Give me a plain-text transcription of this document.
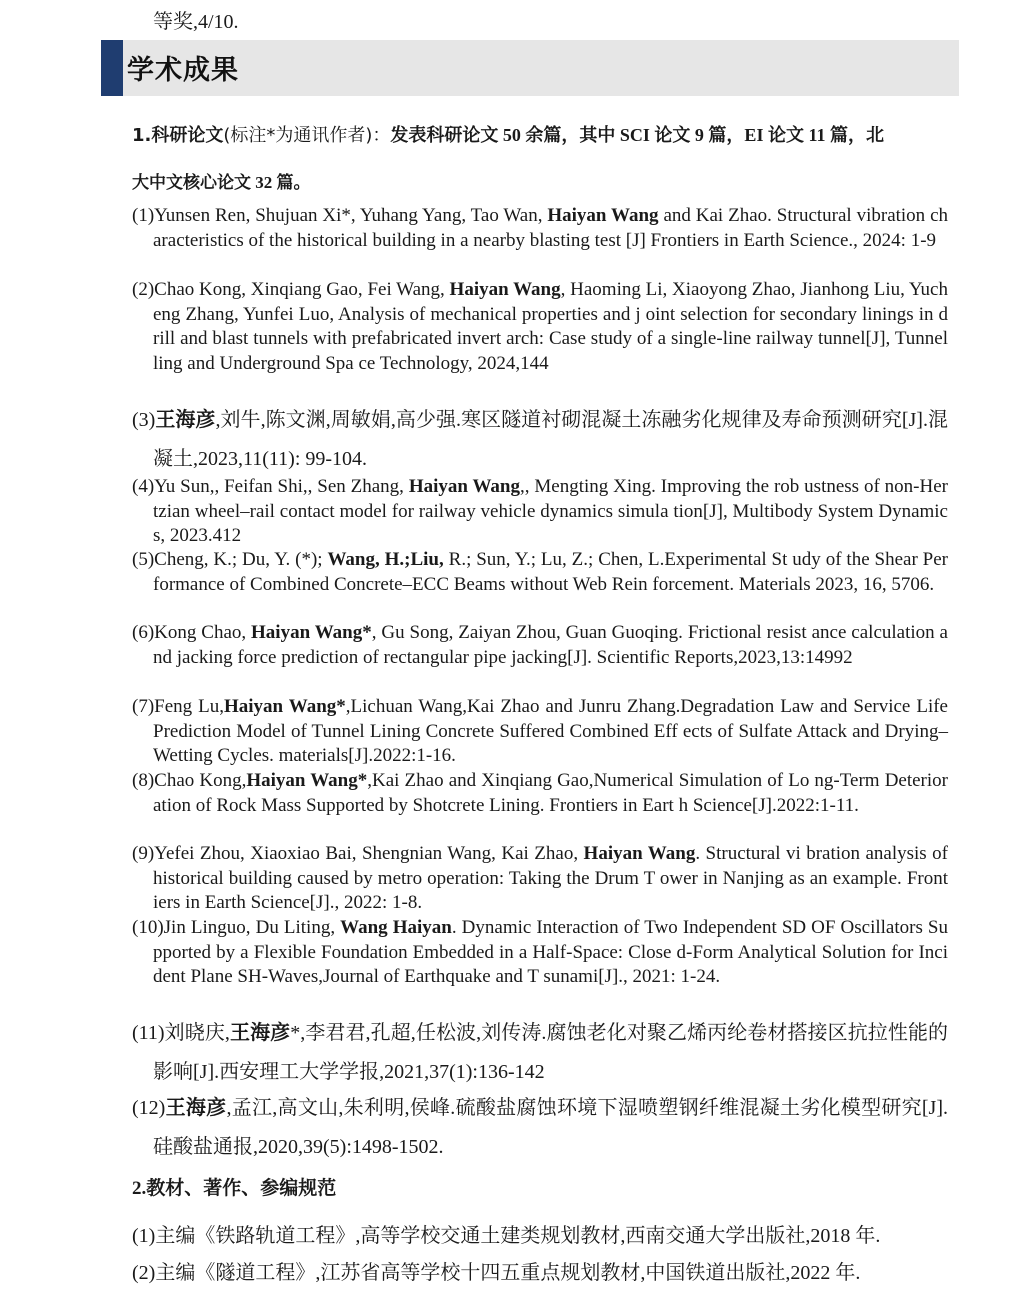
等奖,4/10.
学术成果
1.科研论文(标注*为通讯作者)：发表科研论文 50 余篇，其中 SCI 论文 9 篇，EI 论文 11 篇，北
大中文核心论文 32 篇。
(1)Yunsen Ren, Shujuan Xi*, Yuhang Yang, Tao Wan, Haiyan Wang and Kai Zhao. Structural vibration characteristics of the historical building in a nearby blasting test [J] Frontiers in Earth Science., 2024: 1-9
(2)Chao Kong, Xinqiang Gao, Fei Wang, Haiyan Wang, Haoming Li, Xiaoyong Zhao, Jianhong Liu, Yucheng Zhang, Yunfei Luo, Analysis of mechanical properties and j oint selection for secondary linings in drill and blast tunnels with prefabricated invert arch: Case study of a single-line railway tunnel[J], Tunnelling and Underground Spa ce Technology, 2024,144
(3)王海彦,刘牛,陈文渊,周敏娟,高少强.寒区隧道衬砌混凝土冻融劣化规律及寿命预测研究[J].混凝土,2023,11(11): 99-104.
(4)Yu Sun,, Feifan Shi,, Sen Zhang, Haiyan Wang,, Mengting Xing. Improving the rob ustness of non-Hertzian wheel–rail contact model for railway vehicle dynamics simula tion[J], Multibody System Dynamics, 2023.412
(5)Cheng, K.; Du, Y. (*); Wang, H.;Liu, R.; Sun, Y.; Lu, Z.; Chen, L.Experimental St udy of the Shear Performance of Combined Concrete–ECC Beams without Web Rein forcement. Materials 2023, 16, 5706.
(6)Kong Chao, Haiyan Wang*, Gu Song, Zaiyan Zhou, Guan Guoqing. Frictional resist ance calculation and jacking force prediction of rectangular pipe jacking[J]. Scientific Reports,2023,13:14992
(7)Feng Lu,Haiyan Wang*,Lichuan Wang,Kai Zhao and Junru Zhang.Degradation Law and Service Life Prediction Model of Tunnel Lining Concrete Suffered Combined Eff ects of Sulfate Attack and Drying–Wetting Cycles. materials[J].2022:1-16.
(8)Chao Kong,Haiyan Wang*,Kai Zhao and Xinqiang Gao,Numerical Simulation of Lo ng-Term Deterioration of Rock Mass Supported by Shotcrete Lining. Frontiers in Eart h Science[J].2022:1-11.
(9)Yefei Zhou, Xiaoxiao Bai, Shengnian Wang, Kai Zhao, Haiyan Wang. Structural vi bration analysis of historical building caused by metro operation: Taking the Drum T ower in Nanjing as an example. Frontiers in Earth Science[J]., 2022: 1-8.
(10)Jin Linguo, Du Liting, Wang Haiyan. Dynamic Interaction of Two Independent SD OF Oscillators Supported by a Flexible Foundation Embedded in a Half-Space: Close d-Form Analytical Solution for Incident Plane SH-Waves,Journal of Earthquake and T sunami[J]., 2021: 1-24.
(11)刘晓庆,王海彦*,李君君,孔超,任松波,刘传涛.腐蚀老化对聚乙烯丙纶卷材搭接区抗拉性能的影响[J].西安理工大学学报,2021,37(1):136-142
(12)王海彦,孟江,高文山,朱利明,侯峰.硫酸盐腐蚀环境下湿喷塑钢纤维混凝土劣化模型研究[J].硅酸盐通报,2020,39(5):1498-1502.
2.教材、著作、参编规范
(1)主编《铁路轨道工程》,高等学校交通土建类规划教材,西南交通大学出版社,2018 年.
(2)主编《隧道工程》,江苏省高等学校十四五重点规划教材,中国铁道出版社,2022 年.
